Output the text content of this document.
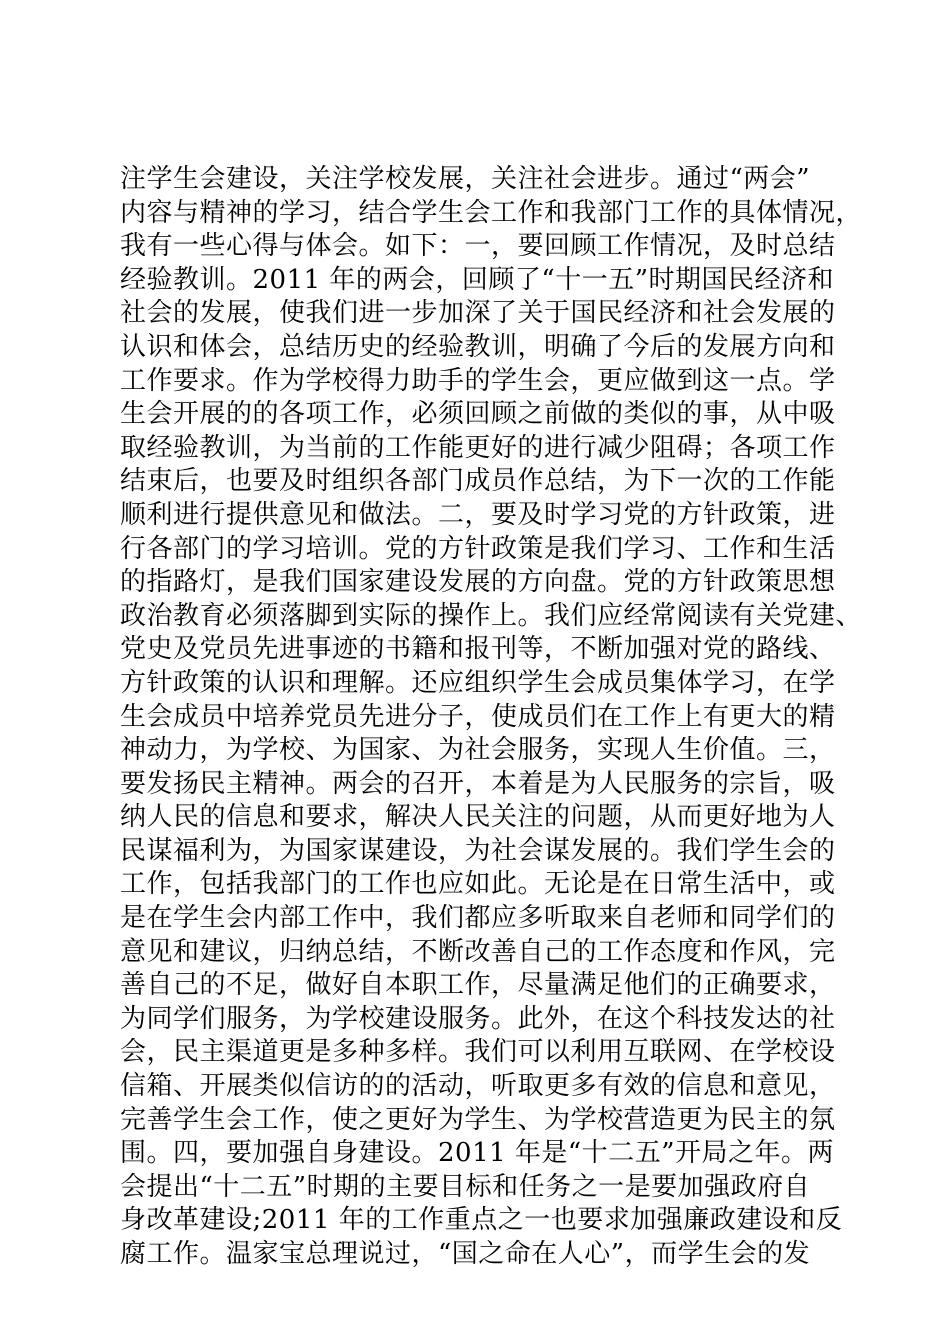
注学生会建设，关注学校发展，关注社会进步。通过“两会”
内容与精神的学习，结合学生会工作和我部门工作的具体情况，
我有一些心得与体会。如下：一，要回顾工作情况，及时总结
经验教训。2011 年的两会，回顾了“十一五”时期国民经济和
社会的发展，使我们进一步加深了关于国民经济和社会发展的
认识和体会，总结历史的经验教训，明确了今后的发展方向和
工作要求。作为学校得力助手的学生会，更应做到这一点。学
生会开展的的各项工作，必须回顾之前做的类似的事，从中吸
取经验教训，为当前的工作能更好的进行减少阻碍；各项工作
结束后，也要及时组织各部门成员作总结，为下一次的工作能
顺利进行提供意见和做法。二，要及时学习党的方针政策，进
行各部门的学习培训。党的方针政策是我们学习、工作和生活
的指路灯，是我们国家建设发展的方向盘。党的方针政策思想
政治教育必须落脚到实际的操作上。我们应经常阅读有关党建、
党史及党员先进事迹的书籍和报刊等，不断加强对党的路线、
方针政策的认识和理解。还应组织学生会成员集体学习，在学
生会成员中培养党员先进分子，使成员们在工作上有更大的精
神动力，为学校、为国家、为社会服务，实现人生价值。三，
要发扬民主精神。两会的召开，本着是为人民服务的宗旨，吸
纳人民的信息和要求，解决人民关注的问题，从而更好地为人
民谋福利为，为国家谋建设，为社会谋发展的。我们学生会的
工作，包括我部门的工作也应如此。无论是在日常生活中，或
是在学生会内部工作中，我们都应多听取来自老师和同学们的
意见和建议，归纳总结，不断改善自己的工作态度和作风，完
善自己的不足，做好自本职工作，尽量满足他们的正确要求，
为同学们服务，为学校建设服务。此外，在这个科技发达的社
会，民主渠道更是多种多样。我们可以利用互联网、在学校设
信箱、开展类似信访的的活动，听取更多有效的信息和意见，
完善学生会工作，使之更好为学生、为学校营造更为民主的氛
围。四，要加强自身建设。2011 年是“十二五”开局之年。两
会提出“十二五”时期的主要目标和任务之一是要加强政府自
身改革建设;2011 年的工作重点之一也要求加强廉政建设和反
腐工作。温家宝总理说过，“国之命在人心”，而学生会的发
